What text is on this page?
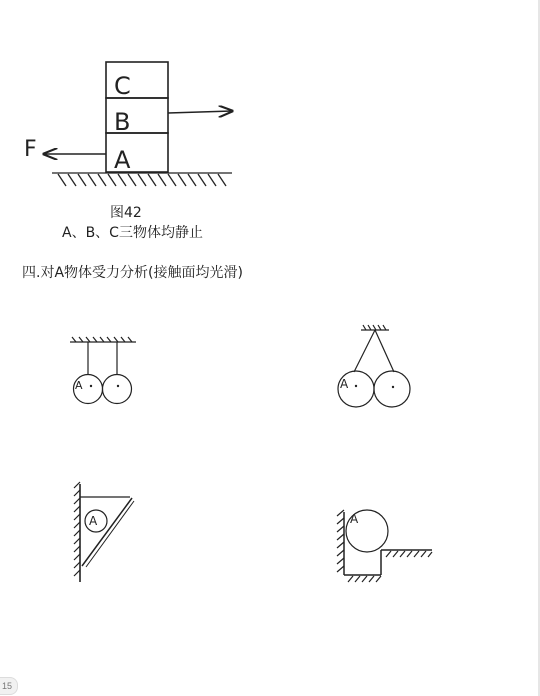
C
B
A
F
A	A
A	A
图42
A、B、C三物体均静止
四.对A物体受力分析(接触面均光滑)
15
